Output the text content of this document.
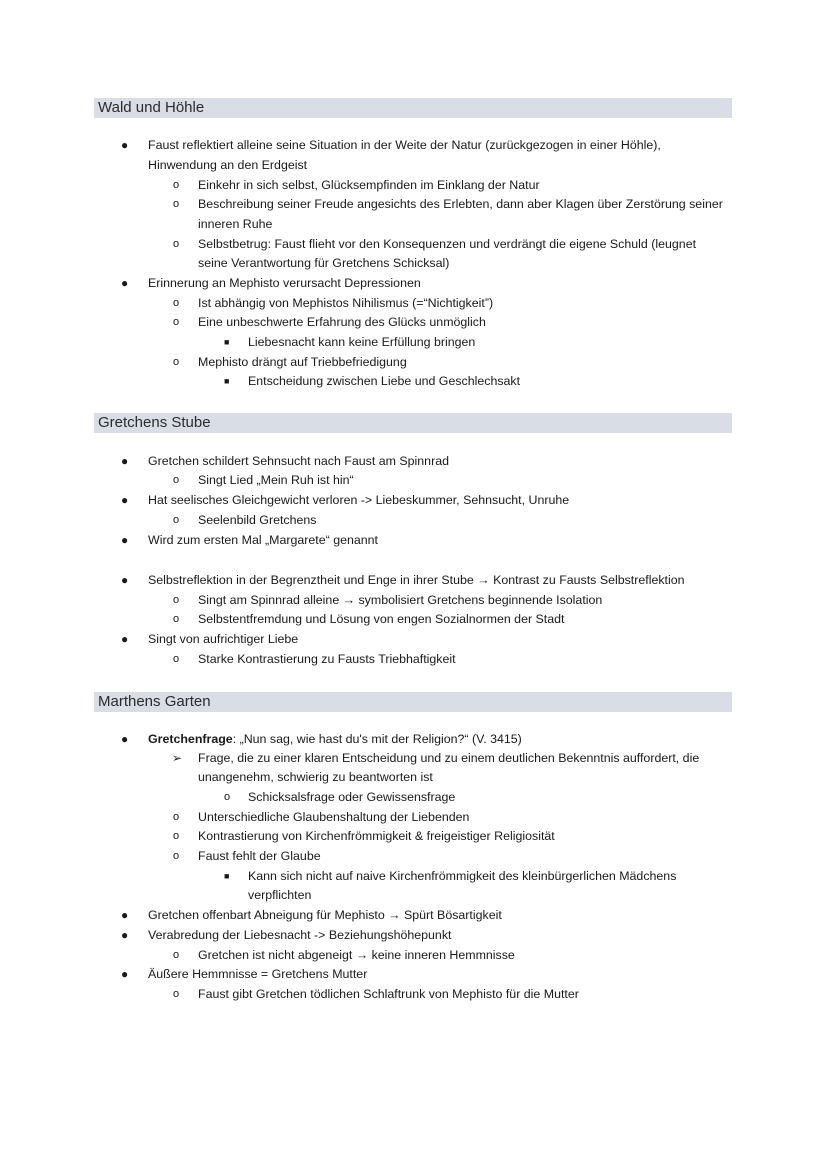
Wald und Höhle
● Faust reflektiert alleine seine Situation in der Weite der Natur (zurückgezogen in einer Höhle),
Hinwendung an den Erdgeist
o Einkehr in sich selbst, Glücksempfinden im Einklang der Natur
o Beschreibung seiner Freude angesichts des Erlebten, dann aber Klagen über Zerstörung seiner
inneren Ruhe
o Selbstbetrug: Faust flieht vor den Konsequenzen und verdrängt die eigene Schuld (leugnet
seine Verantwortung für Gretchens Schicksal)
● Erinnerung an Mephisto verursacht Depressionen
o Ist abhängig von Mephistos Nihilismus (=“Nichtigkeit”)
o Eine unbeschwerte Erfahrung des Glücks unmöglich
■ Liebesnacht kann keine Erfüllung bringen
o Mephisto drängt auf Triebbefriedigung
■ Entscheidung zwischen Liebe und Geschlechsakt
Gretchens Stube
● Gretchen schildert Sehnsucht nach Faust am Spinnrad
o Singt Lied „Mein Ruh ist hin“
● Hat seelisches Gleichgewicht verloren -> Liebeskummer, Sehnsucht, Unruhe
o Seelenbild Gretchens
● Wird zum ersten Mal „Margarete“ genannt
● Selbstreflektion in der Begrenztheit und Enge in ihrer Stube → Kontrast zu Fausts Selbstreflektion
o Singt am Spinnrad alleine → symbolisiert Gretchens beginnende Isolation
o Selbstentfremdung und Lösung von engen Sozialnormen der Stadt
● Singt von aufrichtiger Liebe
o Starke Kontrastierung zu Fausts Triebhaftigkeit
Marthens Garten
● Gretchenfrage: „Nun sag, wie hast du's mit der Religion?“ (V. 3415)
➢ Frage, die zu einer klaren Entscheidung und zu einem deutlichen Bekenntnis auffordert, die
unangenehm, schwierig zu beantworten ist
o Schicksalsfrage oder Gewissensfrage
o Unterschiedliche Glaubenshaltung der Liebenden
o Kontrastierung von Kirchenfrömmigkeit & freigeistiger Religiosität
o Faust fehlt der Glaube
■ Kann sich nicht auf naive Kirchenfrömmigkeit des kleinbürgerlichen Mädchens
verpflichten
● Gretchen offenbart Abneigung für Mephisto → Spürt Bösartigkeit
● Verabredung der Liebesnacht -> Beziehungshöhepunkt
o Gretchen ist nicht abgeneigt → keine inneren Hemmnisse
● Äußere Hemmnisse = Gretchens Mutter
o Faust gibt Gretchen tödlichen Schlaftrunk von Mephisto für die Mutter
